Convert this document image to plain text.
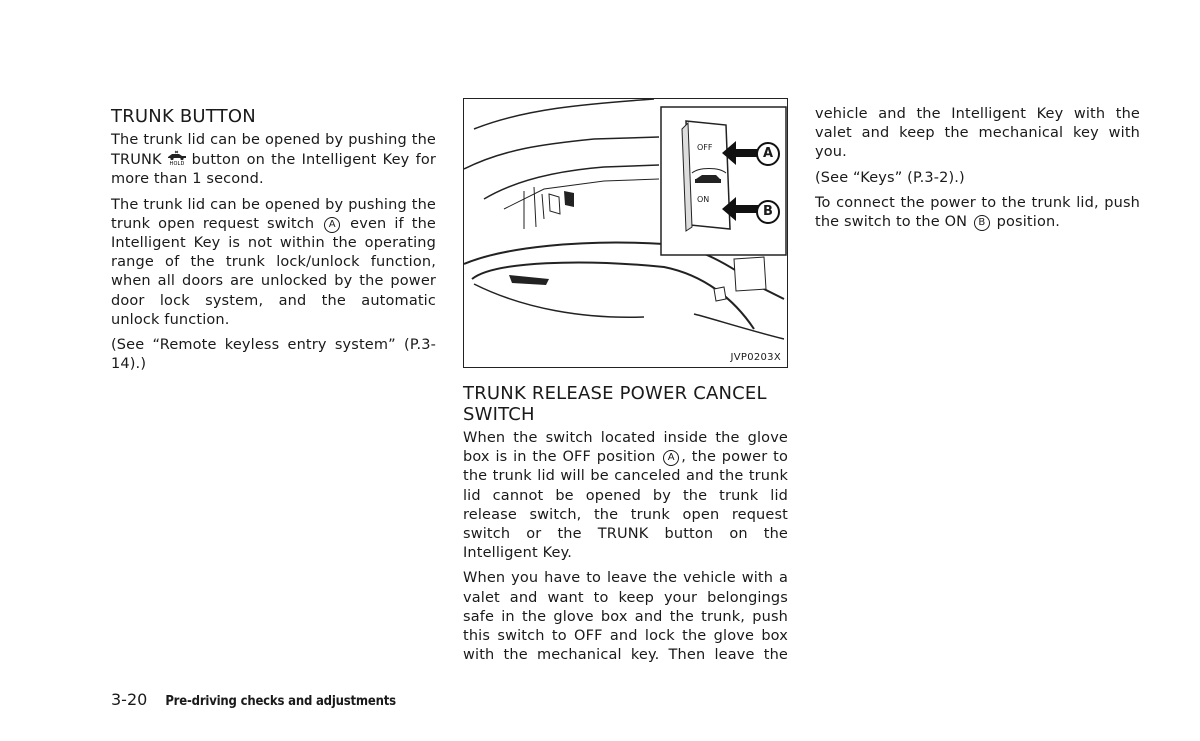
TRUNK BUTTON

The trunk lid can be opened by pushing the TRUNK HOLD button on the Intelligent Key for more than 1 second.

The trunk lid can be opened by pushing the trunk open request switch A even if the Intelligent Key is not within the operating range of the trunk lock/unlock function, when all doors are unlocked by the power door lock system, and the automatic unlock function.

(See “Remote keyless entry system” (P.3-14).)

OFF
ON
A
B
JVP0203X
TRUNK RELEASE POWER CANCEL SWITCH

When the switch located inside the glove box is in the OFF position A , the power to the trunk lid will be canceled and the trunk lid cannot be opened by the trunk lid release switch, the trunk open request switch or the TRUNK button on the Intelligent Key.

When you have to leave the vehicle with a valet and want to keep your belongings safe in the glove box and the trunk, push this switch to OFF and lock the glove box with the mechanical key. Then leave the

vehicle and the Intelligent Key with the valet and keep the mechanical key with you.

(See “Keys” (P.3-2).)

To connect the power to the trunk lid, push the switch to the ON B position.

3-20 Pre-driving checks and adjustments
